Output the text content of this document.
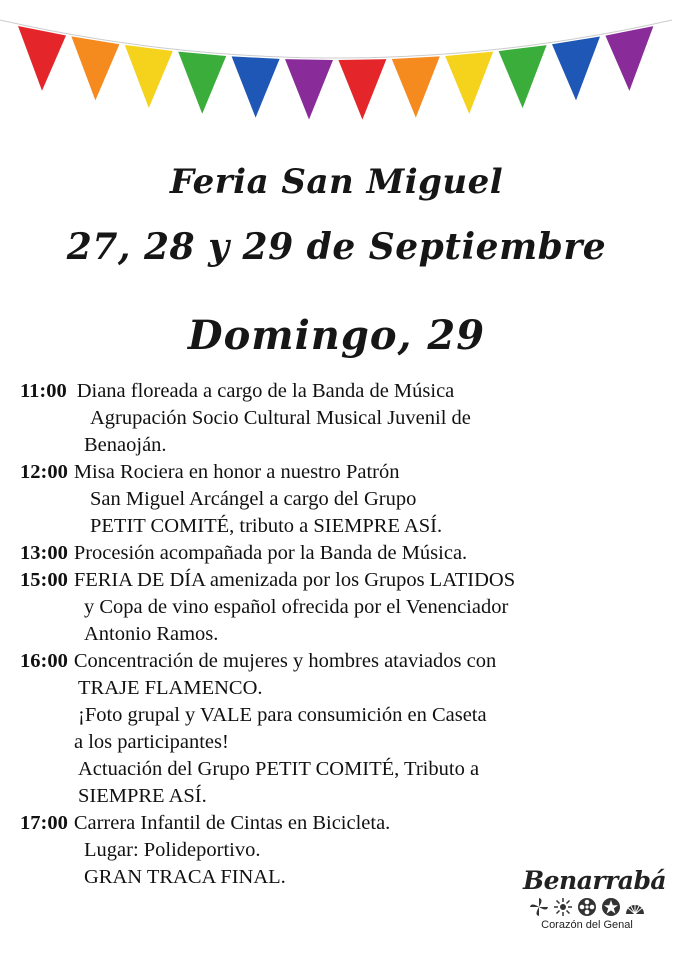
Feria San Miguel
27, 28 y 29 de Septiembre
Domingo, 29
11:00 Diana floreada a cargo de la Banda de Música
Agrupación Socio Cultural Musical Juvenil de
Benaoján.
12:00 Misa Rociera en honor a nuestro Patrón
San Miguel Arcángel a cargo del Grupo
PETIT COMITÉ, tributo a SIEMPRE ASÍ.
13:00 Procesión acompañada por la Banda de Música.
15:00 FERIA DE DÍA amenizada por los Grupos LATIDOS
y Copa de vino español ofrecida por el Venenciador
Antonio Ramos.
16:00 Concentración de mujeres y hombres ataviados con
TRAJE FLAMENCO.
¡Foto grupal y VALE para consumición en Caseta
a los participantes!
Actuación del Grupo PETIT COMITÉ, Tributo a
SIEMPRE ASÍ.
17:00 Carrera Infantil de Cintas en Bicicleta.
Lugar: Polideportivo.
GRAN TRACA FINAL.	Benarrabá
Corazón del Genal
